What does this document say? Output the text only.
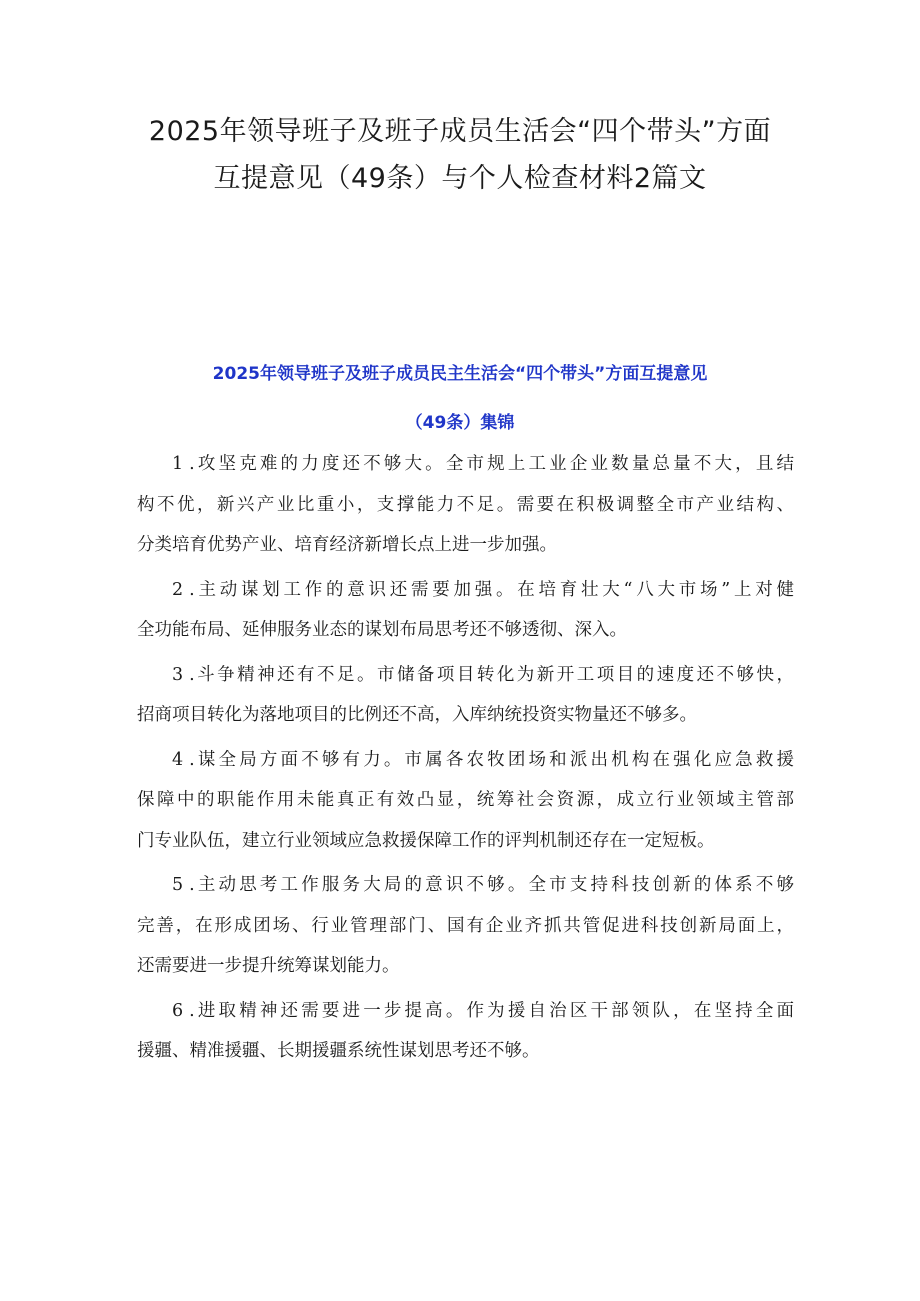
2025年领导班子及班子成员生活会“四个带头”方面
互提意见（49条）与个人检查材料2篇文
2025年领导班子及班子成员民主生活会“四个带头”方面互提意见
（49条）集锦
1 .攻坚克难的力度还不够大。全市规上工业企业数量总量不大，且结
构不优，新兴产业比重小，支撑能力不足。需要在积极调整全市产业结构、
分类培育优势产业、培育经济新增长点上进一步加强。
2 .主动谋划工作的意识还需要加强。在培育壮大“八大市场”上对健
全功能布局、延伸服务业态的谋划布局思考还不够透彻、深入。
3 .斗争精神还有不足。市储备项目转化为新开工项目的速度还不够快，
招商项目转化为落地项目的比例还不高，入库纳统投资实物量还不够多。
4 .谋全局方面不够有力。市属各农牧团场和派出机构在强化应急救援
保障中的职能作用未能真正有效凸显，统筹社会资源，成立行业领域主管部
门专业队伍，建立行业领域应急救援保障工作的评判机制还存在一定短板。
5 .主动思考工作服务大局的意识不够。全市支持科技创新的体系不够
完善，在形成团场、行业管理部门、国有企业齐抓共管促进科技创新局面上，
还需要进一步提升统筹谋划能力。
6 .进取精神还需要进一步提高。作为援自治区干部领队，在坚持全面
援疆、精准援疆、长期援疆系统性谋划思考还不够。
